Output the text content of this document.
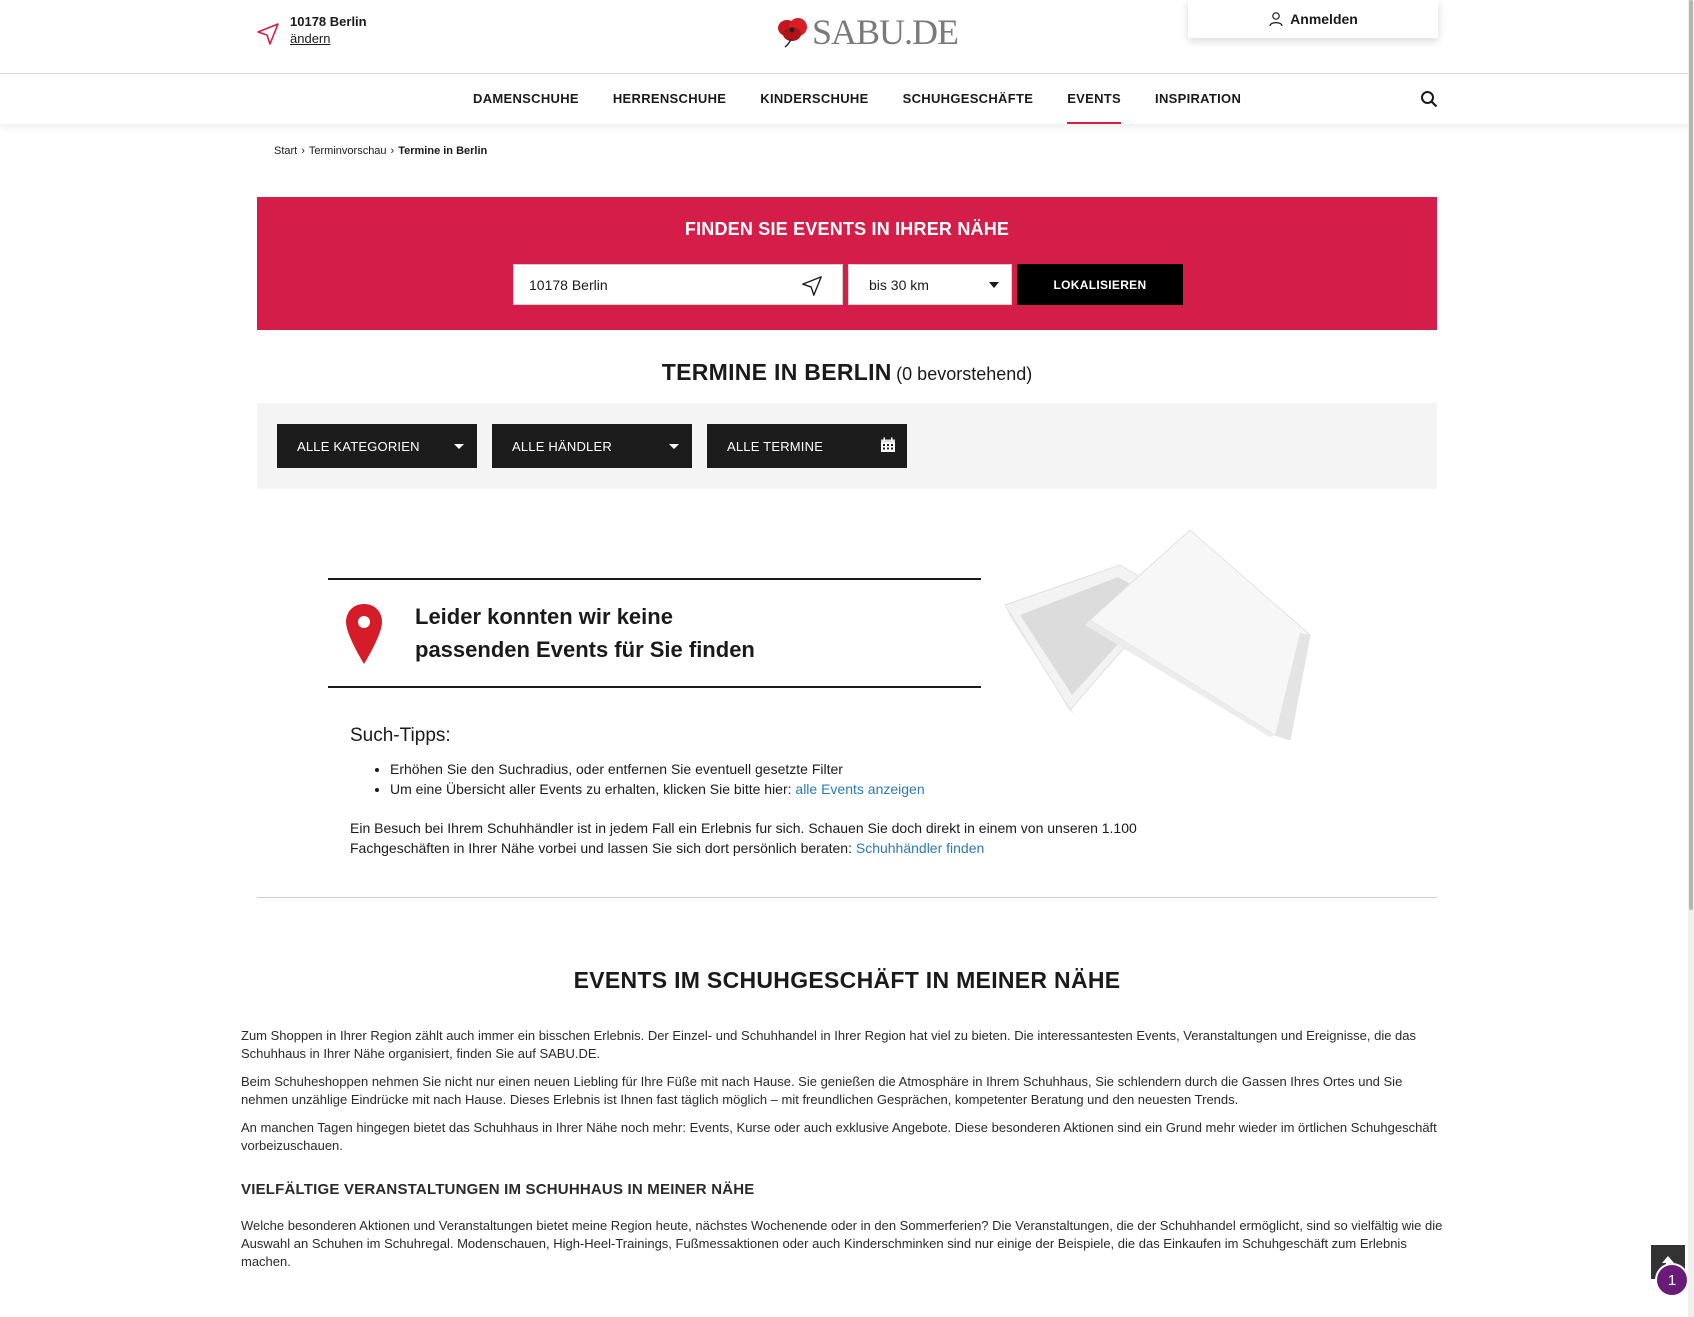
10178 Berlin
ändern	SABU.DE	Anmelden
DAMENSCHUHE	HERRENSCHUHE	KINDERSCHUHE	SCHUHGESCHÄFTE	EVENTS	INSPIRATION
Start › Terminvorschau › Termine in Berlin
FINDEN SIE EVENTS IN IHRER NÄHE
10178 Berlin
bis 30 km	LOKALISIEREN
TERMINE IN BERLIN (0 bevorstehend)
ALLE KATEGORIEN	ALLE HÄNDLER	ALLE TERMINE
Leider konnten wir keine
passenden Events für Sie finden
Such-Tipps:
• Erhöhen Sie den Suchradius, oder entfernen Sie eventuell gesetzte Filter
• Um eine Übersicht aller Events zu erhalten, klicken Sie bitte hier: alle Events anzeigen
Ein Besuch bei Ihrem Schuhhändler ist in jedem Fall ein Erlebnis fur sich. Schauen Sie doch direkt in einem von unseren 1.100 Fachgeschäften in Ihrer Nähe vorbei und lassen Sie sich dort persönlich beraten: Schuhhändler finden
EVENTS IM SCHUHGESCHÄFT IN MEINER NÄHE

Zum Shoppen in Ihrer Region zählt auch immer ein bisschen Erlebnis. Der Einzel- und Schuhhandel in Ihrer Region hat viel zu bieten. Die interessantesten Events, Veranstaltungen und Ereignisse, die das Schuhhaus in Ihrer Nähe organisiert, finden Sie auf SABU.DE.

Beim Schuheshoppen nehmen Sie nicht nur einen neuen Liebling für Ihre Füße mit nach Hause. Sie genießen die Atmosphäre in Ihrem Schuhhaus, Sie schlendern durch die Gassen Ihres Ortes und Sie nehmen unzählige Eindrücke mit nach Hause. Dieses Erlebnis ist Ihnen fast täglich möglich – mit freundlichen Gesprächen, kompetenter Beratung und den neuesten Trends.

An manchen Tagen hingegen bietet das Schuhhaus in Ihrer Nähe noch mehr: Events, Kurse oder auch exklusive Angebote. Diese besonderen Aktionen sind ein Grund mehr wieder im örtlichen Schuhgeschäft vorbeizuschauen.

VIELFÄLTIGE VERANSTALTUNGEN IM SCHUHHAUS IN MEINER NÄHE

Welche besonderen Aktionen und Veranstaltungen bietet meine Region heute, nächstes Wochenende oder in den Sommerferien? Die Veranstaltungen, die der Schuhhandel ermöglicht, sind so vielfältig wie die Auswahl an Schuhen im Schuhregal. Modenschauen, High-Heel-Trainings, Fußmessaktionen oder auch Kinderschminken sind nur einige der Beispiele, die das Einkaufen im Schuhgeschäft zum Erlebnis machen.

1
